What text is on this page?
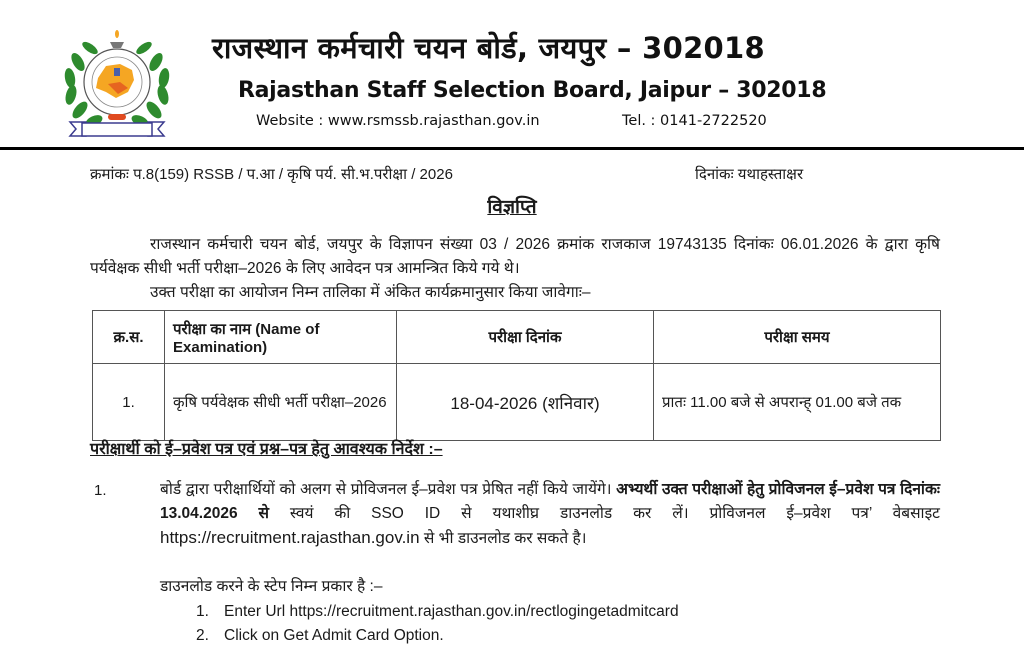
राजस्थान कर्मचारी चयन बोर्ड, जयपुर – 302018
Rajasthan Staff Selection Board, Jaipur – 302018
Website : www.rsmssb.rajasthan.gov.in	Tel. : 0141-2722520
क्रमांकः प.8(159) RSSB / प.आ / कृषि पर्य. सी.भ.परीक्षा / 2026	दिनांकः यथाहस्ताक्षर
विज्ञप्ति
राजस्थान कर्मचारी चयन बोर्ड, जयपुर के विज्ञापन संख्या 03 / 2026 क्रमांक राजकाज 19743135 दिनांकः 06.01.2026 के द्वारा कृषि पर्यवेक्षक सीधी भर्ती परीक्षा–2026 के लिए आवेदन पत्र आमन्त्रित किये गये थे।
उक्त परीक्षा का आयोजन निम्न तालिका में अंकित कार्यक्रमानुसार किया जावेगाः–
क्र.स.	परीक्षा का नाम (Name of Examination)	परीक्षा दिनांक	परीक्षा समय
1.	कृषि पर्यवेक्षक सीधी भर्ती परीक्षा–2026	18-04-2026 (शनिवार)	प्रातः 11.00 बजे से अपरान्ह् 01.00 बजे तक
परीक्षार्थी को ई–प्रवेश पत्र एवं प्रश्न–पत्र हेतु आवश्यक निर्देश :–
1.	बोर्ड द्वारा परीक्षार्थियों को अलग से प्रोविजनल ई–प्रवेश पत्र प्रेषित नहीं किये जायेंगे। अभ्यर्थी उक्त परीक्षाओं हेतु प्रोविजनल ई–प्रवेश पत्र दिनांकः 13.04.2026 से स्वयं की SSO ID से यथाशीघ्र डाउनलोड कर लें। प्रोविजनल ई–प्रवेश पत्र’ वेबसाइट https://recruitment.rajasthan.gov.in से भी डाउनलोड कर सकते है।
डाउनलोड करने के स्टेप निम्न प्रकार है :–
1. Enter Url https://recruitment.rajasthan.gov.in/rectlogingetadmitcard
2. Click on Get Admit Card Option.
